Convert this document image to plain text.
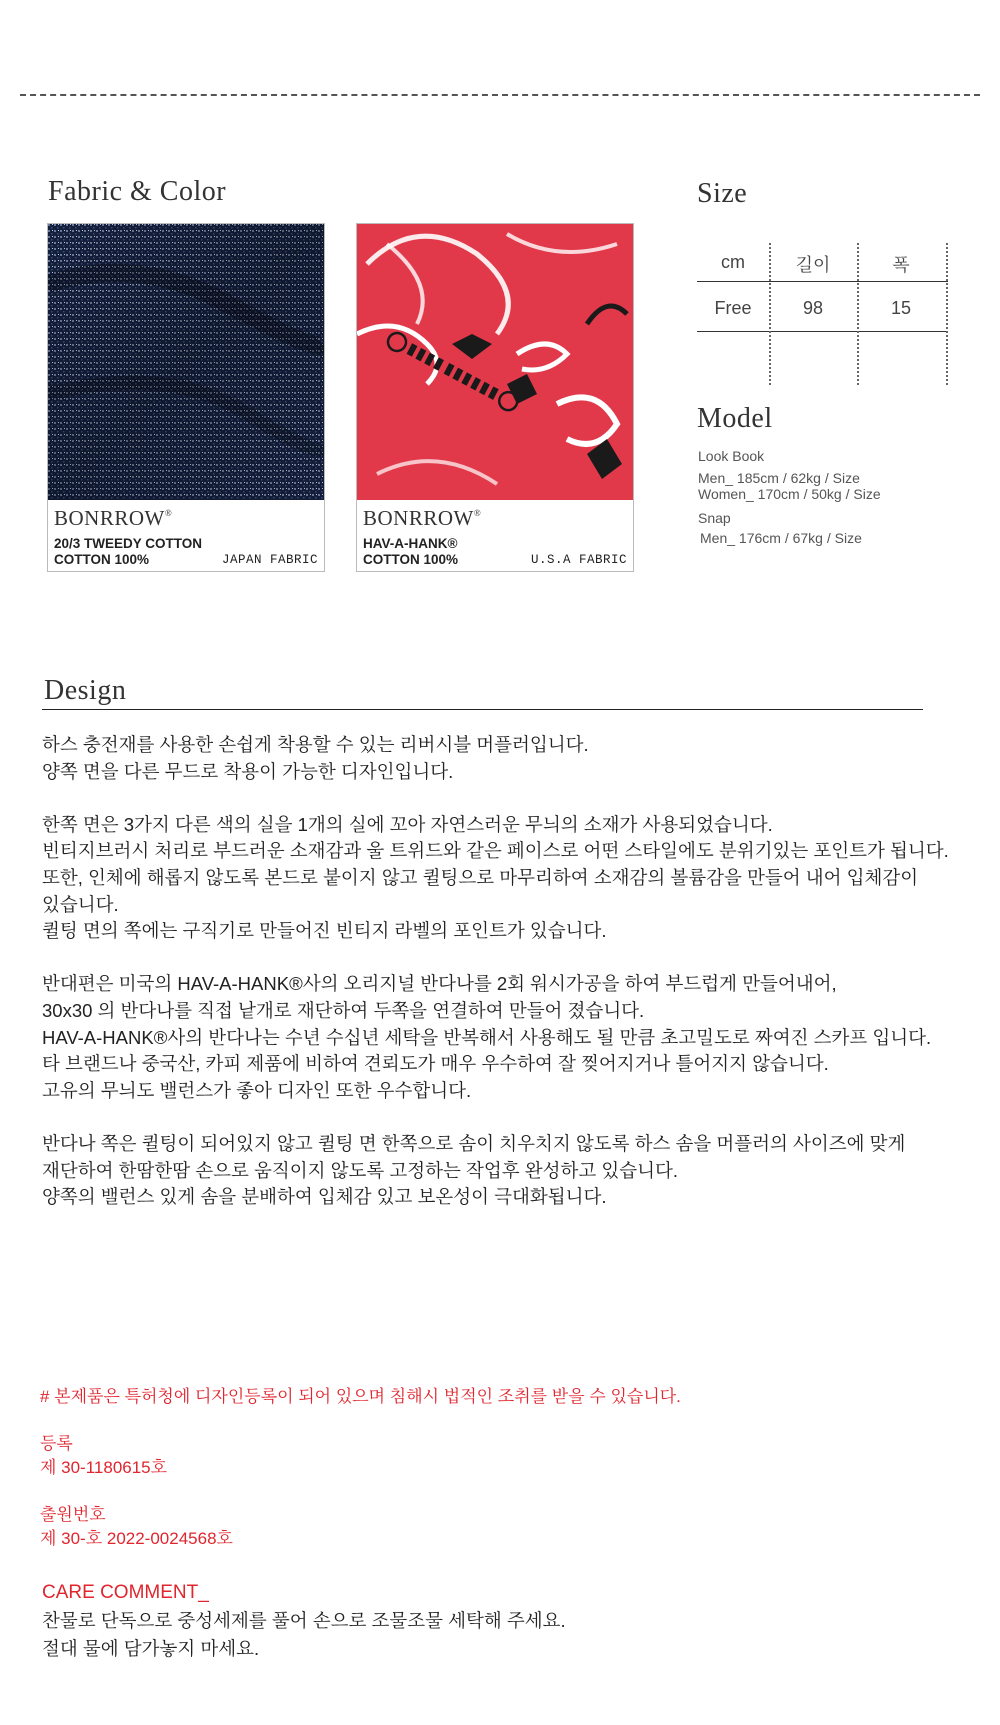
Fabric & Color
BONRROW®
20/3 TWEEDY COTTON
COTTON 100%	JAPAN FABRIC
BONRROW®
HAV-A-HANK®
COTTON 100%	U.S.A FABRIC
Size
cm	길이	폭
Free	98	15
Model
Look Book
Men_ 185cm / 62kg / Size
Women_ 170cm / 50kg / Size
Snap
Men_ 176cm / 67kg / Size
Design

하스 충전재를 사용한 손쉽게 착용할 수 있는 리버시블 머플러입니다.
양쪽 면을 다른 무드로 착용이 가능한 디자인입니다.

한쪽 면은 3가지 다른 색의 실을 1개의 실에 꼬아 자연스러운 무늬의 소재가 사용되었습니다.
빈티지브러시 처리로 부드러운 소재감과 울 트위드와 같은 페이스로 어떤 스타일에도 분위기있는 포인트가 됩니다.
또한, 인체에 해롭지 않도록 본드로 붙이지 않고 퀼팅으로 마무리하여 소재감의 볼륨감을 만들어 내어 입체감이
있습니다.
퀼팅 면의 쪽에는 구직기로 만들어진 빈티지 라벨의 포인트가 있습니다.

반대편은 미국의 HAV-A-HANK®사의 오리지널 반다나를 2회 워시가공을 하여 부드럽게 만들어내어,
30x30 의 반다나를 직접 낱개로 재단하여 두쪽을 연결하여 만들어 졌습니다.
HAV-A-HANK®사의 반다나는 수년 수십년 세탁을 반복해서 사용해도 될 만큼 초고밀도로 짜여진 스카프 입니다.
타 브랜드나 중국산, 카피 제품에 비하여 견뢰도가 매우 우수하여 잘 찢어지거나 틀어지지 않습니다.
고유의 무늬도 밸런스가 좋아 디자인 또한 우수합니다.

반다나 쪽은 퀼팅이 되어있지 않고 퀼팅 면 한쪽으로 솜이 치우치지 않도록 하스 솜을 머플러의 사이즈에 맞게
재단하여 한땀한땀 손으로 움직이지 않도록 고정하는 작업후 완성하고 있습니다.
양쪽의 밸런스 있게 솜을 분배하여 입체감 있고 보온성이 극대화됩니다.

# 본제품은 특허청에 디자인등록이 되어 있으며 침해시 법적인 조취를 받을 수 있습니다.
등록
제 30-1180615호
출원번호
제 30-호 2022-0024568호
CARE COMMENT_
찬물로 단독으로 중성세제를 풀어 손으로 조물조물 세탁해 주세요.
절대 물에 담가놓지 마세요.
